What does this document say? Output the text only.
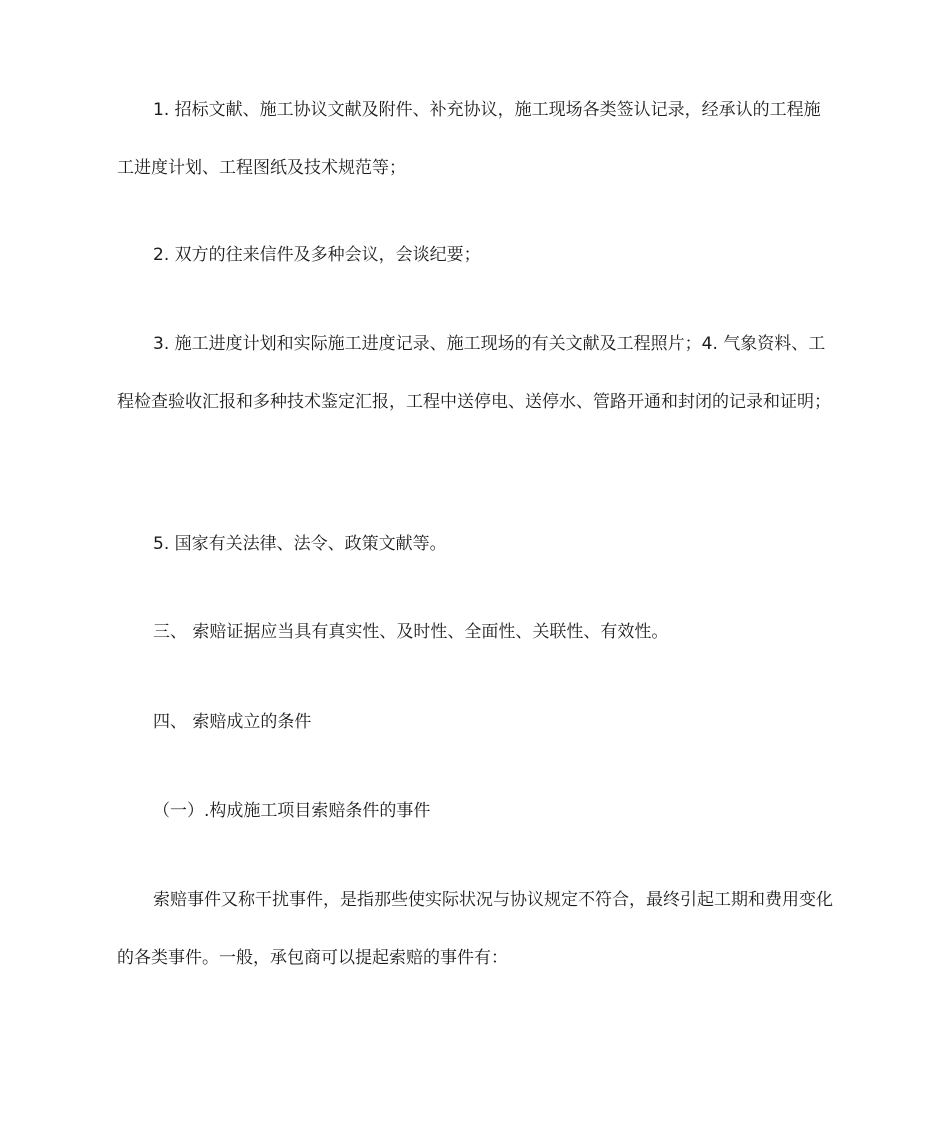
1. 招标文献、施工协议文献及附件、补充协议，施工现场各类签认记录，经承认的工程施工进度计划、工程图纸及技术规范等；

2. 双方的往来信件及多种会议，会谈纪要；

3. 施工进度计划和实际施工进度记录、施工现场的有关文献及工程照片；4. 气象资料、工程检查验收汇报和多种技术鉴定汇报，工程中送停电、送停水、管路开通和封闭的记录和证明；

5. 国家有关法律、法令、政策文献等。

三、 索赔证据应当具有真实性、及时性、全面性、关联性、有效性。

四、 索赔成立的条件

（一）.构成施工项目索赔条件的事件

索赔事件又称干扰事件，是指那些使实际状况与协议规定不符合，最终引起工期和费用变化的各类事件。一般，承包商可以提起索赔的事件有：
